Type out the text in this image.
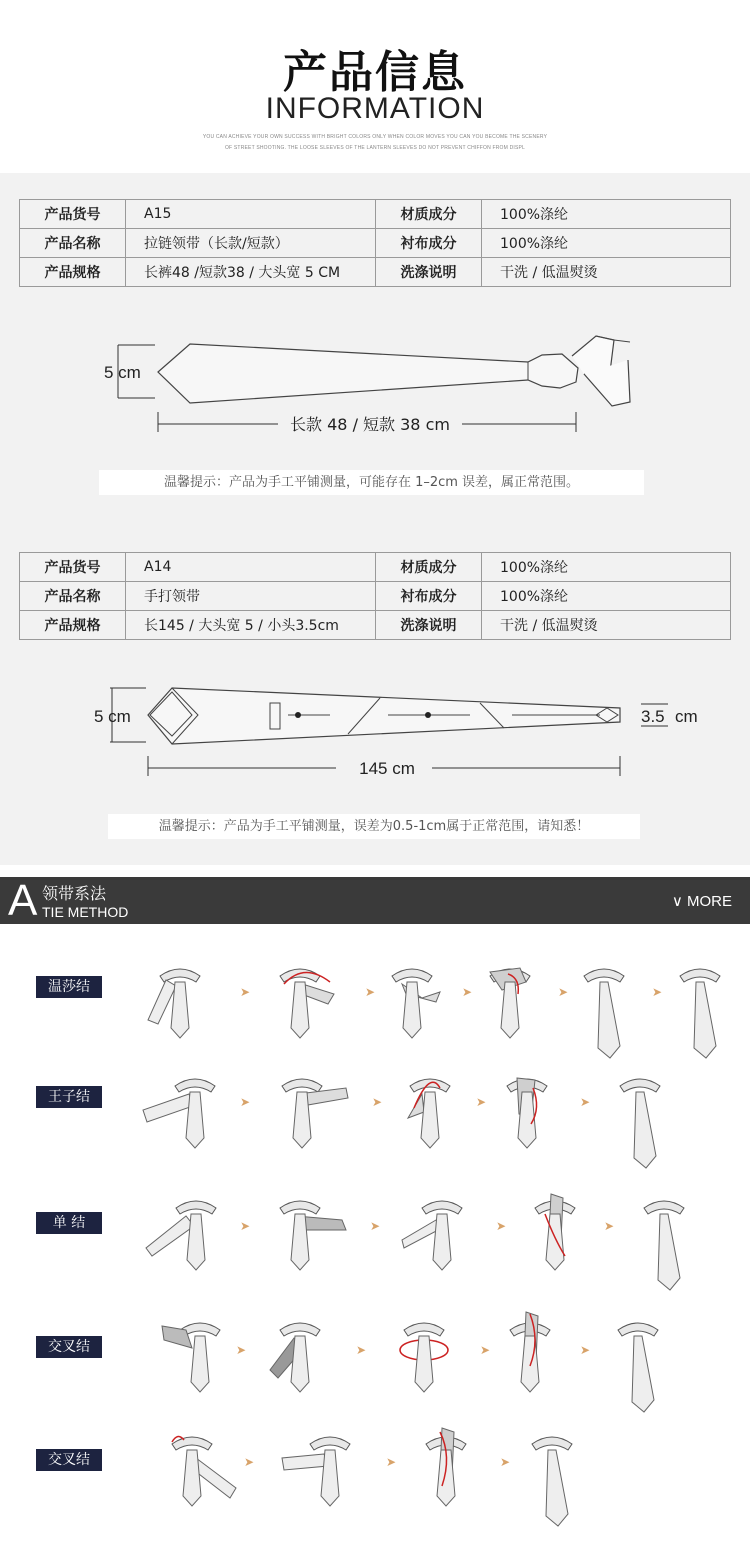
产品信息
INFORMATION
YOU CAN ACHIEVE YOUR OWN SUCCESS WITH BRIGHT COLORS ONLY WHEN COLOR MOVES YOU CAN YOU BECOME THE SCENERY
OF STREET SHOOTING. THE LOOSE SLEEVES OF THE LANTERN SLEEVES DO NOT PREVENT CHIFFON FROM DISPL
产品货号	A15	材质成分	100%涤纶
产品名称	拉链领带（长款/短款）	衬布成分	100%涤纶
产品规格	长裤48 /短款38 / 大头宽 5 CM	洗涤说明	干洗 / 低温熨烫
5 cm
长款 48 / 短款 38 cm
温馨提示：产品为手工平铺测量，可能存在 1–2cm 误差，属正常范围。
产品货号	A14	材质成分	100%涤纶
产品名称	手打领带	衬布成分	100%涤纶
产品规格	长145 / 大头宽 5 / 小头3.5cm	洗涤说明	干洗 / 低温熨烫
5 cm	3.5 cm
145 cm
温馨提示：产品为手工平铺测量，误差为0.5-1cm属于正常范围，请知悉！
A 领带系法
TIE METHOD
∨ MORE
温莎结
王子结
单 结
交叉结
交叉结
➤	➤	➤	➤	➤
➤	➤	➤	➤
➤	➤	➤	➤
➤	➤	➤	➤
➤	➤	➤
